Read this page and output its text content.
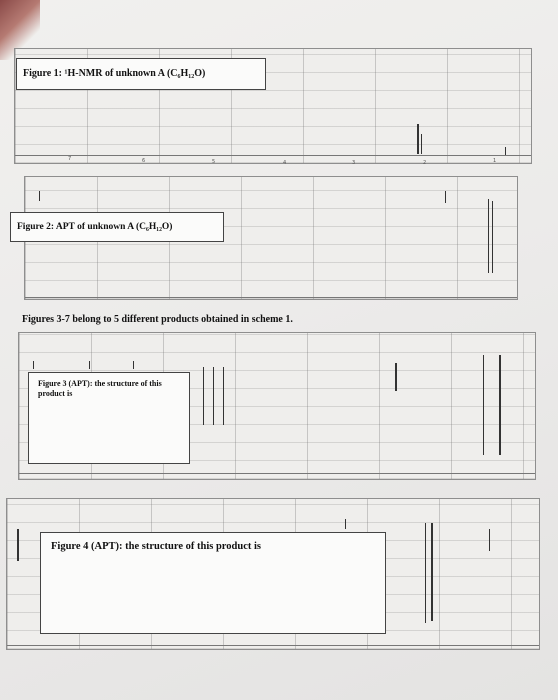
7	6	5	4	3	2	1
Figure 1: ¹H-NMR of unknown A (C₆H₁₂O)
Figure 2: APT of unknown A (C₆H₁₂O)
Figures 3-7 belong to 5 different products obtained in scheme 1.
Figure 3 (APT): the structure of this product is
Figure 4 (APT): the structure of this product is
